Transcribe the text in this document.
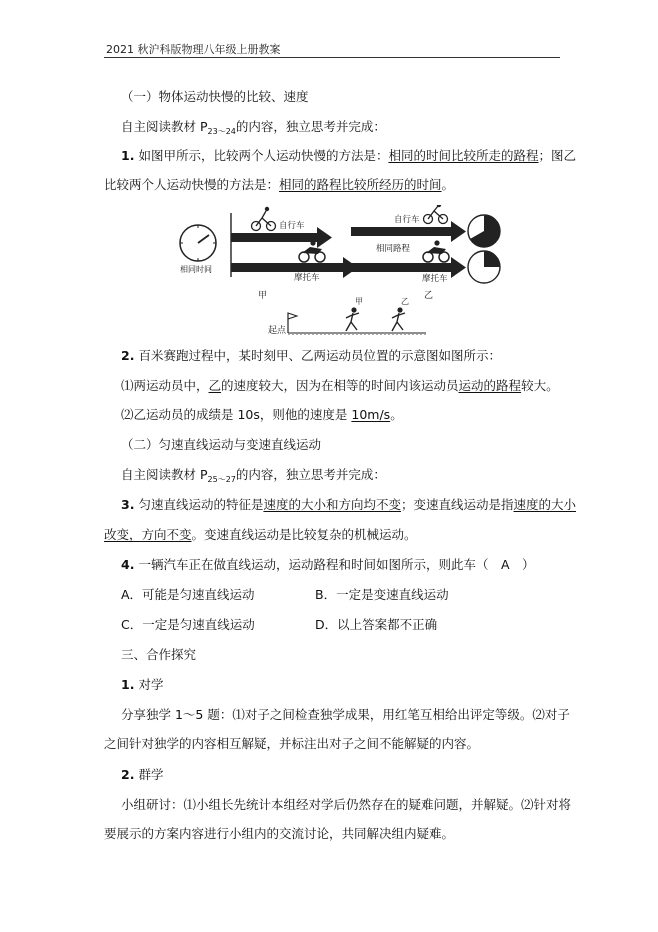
2021 秋沪科版物理八年级上册教案
（一）物体运动快慢的比较、速度
自主阅读教材 $P_{23\sim 24}$的内容，独立思考并完成：
1. 如图甲所示，比较两个人运动快慢的方法是：相同的时间比较所走的路程；图乙
比较两个人运动快慢的方法是：相同的路程比较所经历的时间。
相同时间
自行车
摩托车
甲
自行车
相同路程
摩托车
乙
起点
甲	乙
2. 百米赛跑过程中，某时刻甲、乙两运动员位置的示意图如图所示：
⑴两运动员中，乙的速度较大，因为在相等的时间内该运动员运动的路程较大。
⑵乙运动员的成绩是 10s，则他的速度是 10m/s。
（二）匀速直线运动与变速直线运动
自主阅读教材 $P_{25\sim 27}$的内容，独立思考并完成：
3. 匀速直线运动的特征是速度的大小和方向均不变；变速直线运动是指速度的大小
改变，方向不变。变速直线运动是比较复杂的机械运动。
4. 一辆汽车正在做直线运动，运动路程和时间如图所示，则此车（　A　）
A．可能是匀速直线运动	B．一定是变速直线运动
C．一定是匀速直线运动	D．以上答案都不正确
三、合作探究
1. 对学
分享独学 1～5 题：⑴对子之间检查独学成果，用红笔互相给出评定等级。⑵对子
之间针对独学的内容相互解疑，并标注出对子之间不能解疑的内容。
2. 群学
小组研讨：⑴小组长先统计本组经对学后仍然存在的疑难问题，并解疑。⑵针对将
要展示的方案内容进行小组内的交流讨论，共同解决组内疑难。
